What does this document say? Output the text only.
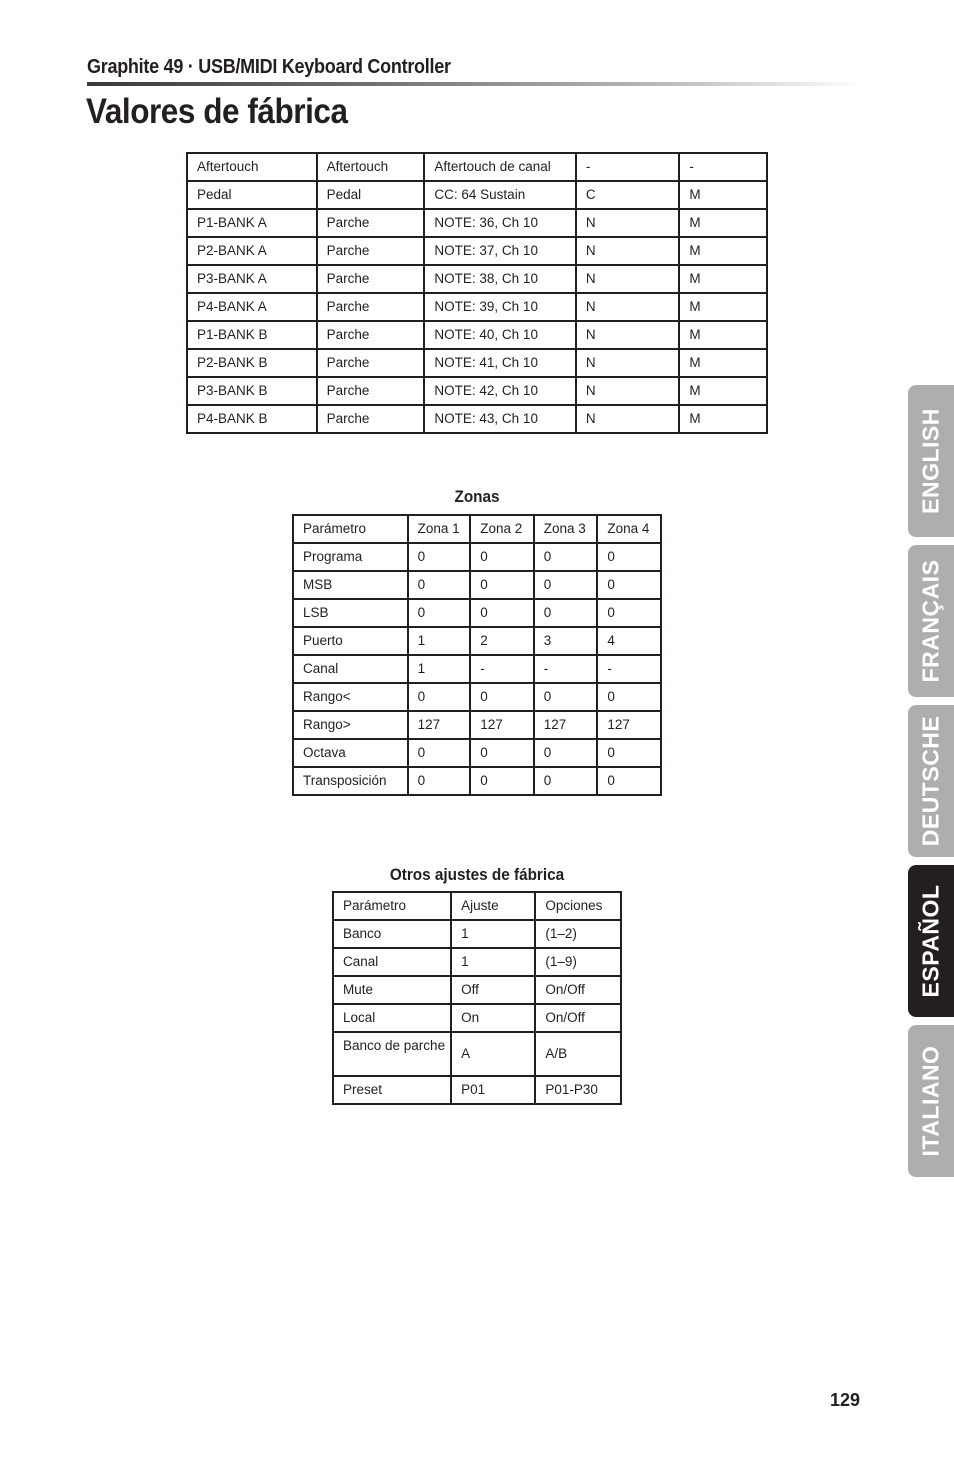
Graphite 49 · USB/MIDI Keyboard Controller
Valores de fábrica
Aftertouch	Aftertouch	Aftertouch de canal	-	-
Pedal	Pedal	CC: 64 Sustain	C	M
P1-BANK A	Parche	NOTE: 36, Ch 10	N	M
P2-BANK A	Parche	NOTE: 37, Ch 10	N	M
P3-BANK A	Parche	NOTE: 38, Ch 10	N	M
P4-BANK A	Parche	NOTE: 39, Ch 10	N	M
P1-BANK B	Parche	NOTE: 40, Ch 10	N	M
P2-BANK B	Parche	NOTE: 41, Ch 10	N	M
P3-BANK B	Parche	NOTE: 42, Ch 10	N	M
P4-BANK B	Parche	NOTE: 43, Ch 10	N	M
Zonas
Parámetro	Zona 1	Zona 2	Zona 3	Zona 4
Programa	0	0	0	0
MSB	0	0	0	0
LSB	0	0	0	0
Puerto	1	2	3	4
Canal	1	-	-	-
Rango<	0	0	0	0
Rango>	127	127	127	127
Octava	0	0	0	0
Transposición	0	0	0	0
Otros ajustes de fábrica
Parámetro	Ajuste	Opciones
Banco	1	(1–2)
Canal	1	(1–9)
Mute	Off	On/Off
Local	On	On/Off
Banco de parche	A	A/B
Preset	P01	P01-P30
ENGLISH
FRANÇAIS
DEUTSCHE
ESPAÑOL
ITALIANO
129
